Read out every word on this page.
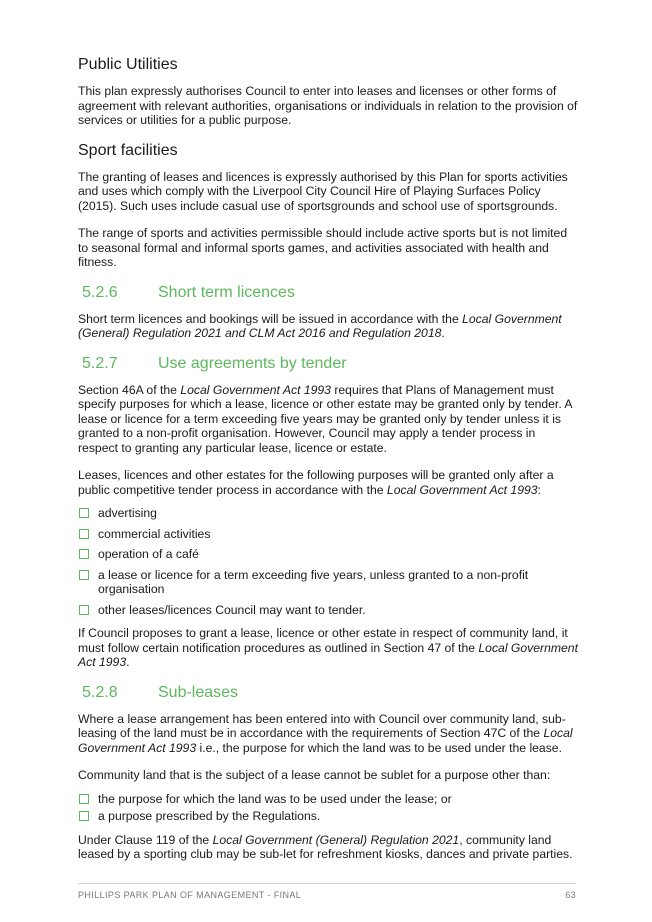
Public Utilities

This plan expressly authorises Council to enter into leases and licenses or other forms of agreement with relevant authorities, organisations or individuals in relation to the provision of services or utilities for a public purpose.

Sport facilities

The granting of leases and licences is expressly authorised by this Plan for sports activities and uses which comply with the Liverpool City Council Hire of Playing Surfaces Policy (2015). Such uses include casual use of sportsgrounds and school use of sportsgrounds.

The range of sports and activities permissible should include active sports but is not limited to seasonal formal and informal sports games, and activities associated with health and fitness.

5.2.6	Short term licences

Short term licences and bookings will be issued in accordance with the Local Government (General) Regulation 2021 and CLM Act 2016 and Regulation 2018.

5.2.7	Use agreements by tender

Section 46A of the Local Government Act 1993 requires that Plans of Management must specify purposes for which a lease, licence or other estate may be granted only by tender. A lease or licence for a term exceeding five years may be granted only by tender unless it is granted to a non-profit organisation. However, Council may apply a tender process in respect to granting any particular lease, licence or estate.

Leases, licences and other estates for the following purposes will be granted only after a public competitive tender process in accordance with the Local Government Act 1993:

advertising
commercial activities
operation of a café
a lease or licence for a term exceeding five years, unless granted to a non-profit organisation
other leases/licences Council may want to tender.

If Council proposes to grant a lease, licence or other estate in respect of community land, it must follow certain notification procedures as outlined in Section 47 of the Local Government Act 1993.

5.2.8	Sub-leases

Where a lease arrangement has been entered into with Council over community land, sub-leasing of the land must be in accordance with the requirements of Section 47C of the Local Government Act 1993 i.e., the purpose for which the land was to be used under the lease.

Community land that is the subject of a lease cannot be sublet for a purpose other than:

the purpose for which the land was to be used under the lease; or
a purpose prescribed by the Regulations.

Under Clause 119 of the Local Government (General) Regulation 2021, community land leased by a sporting club may be sub-let for refreshment kiosks, dances and private parties.

PHILLIPS PARK PLAN OF MANAGEMENT - FINAL	63
